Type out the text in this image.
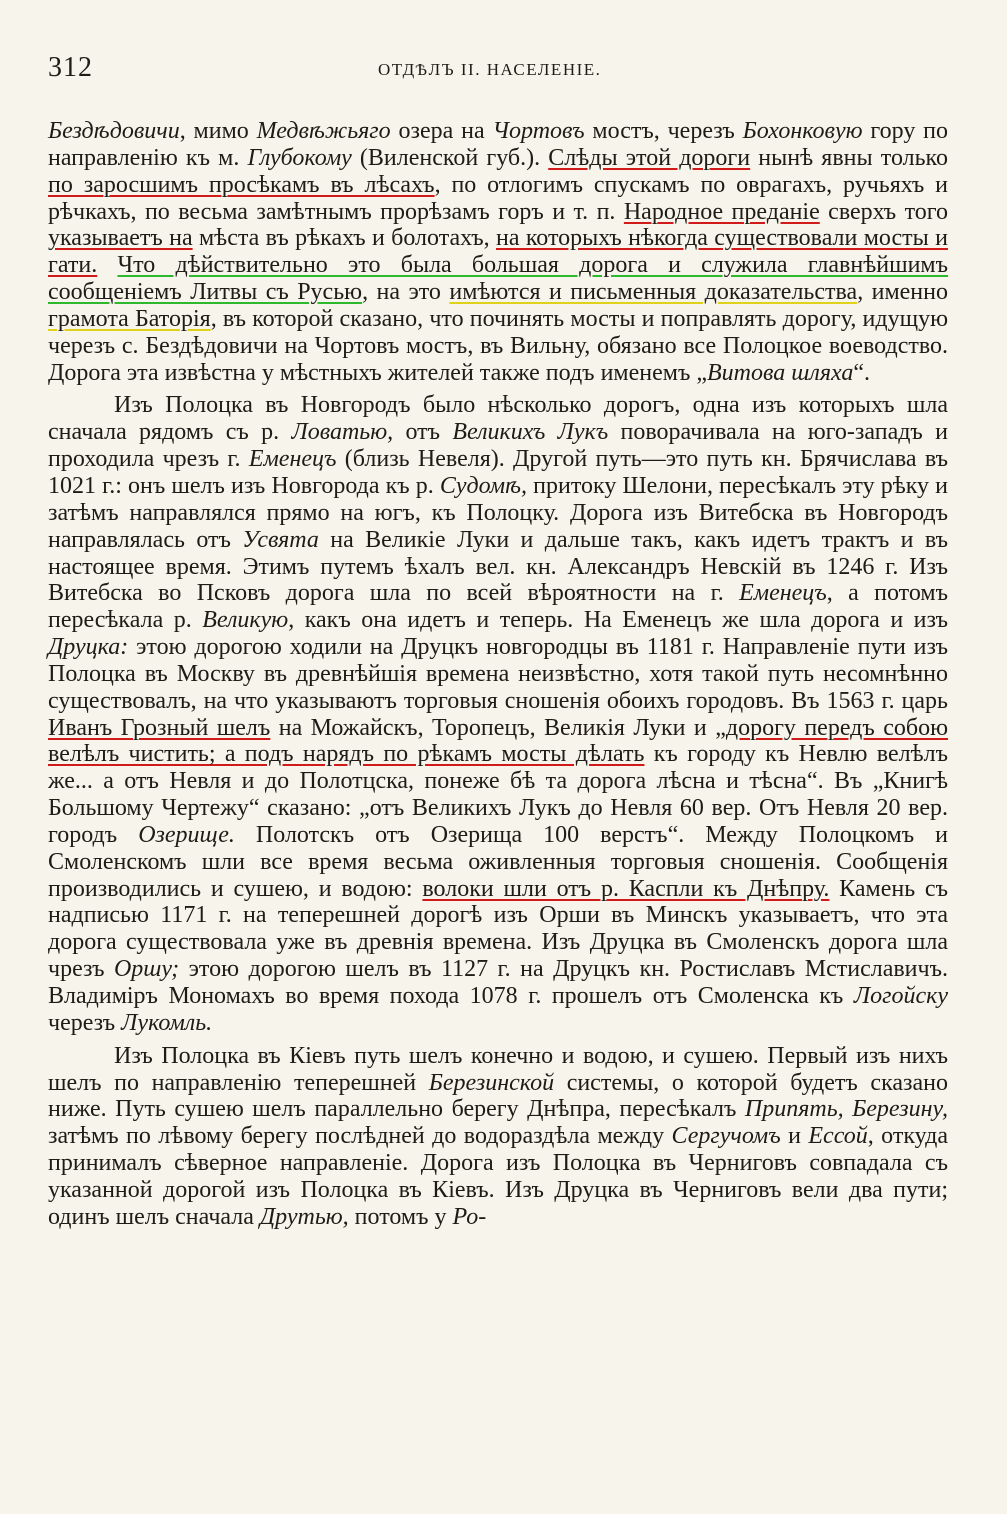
312	ОТДѢЛЪ II. НАСЕЛЕНІЕ.

Бездѣдовичи, мимо Медвѣжьяго озера на Чортовъ мостъ, черезъ Бохонковую гору по направленію къ м. Глубокому (Виленской губ.). Слѣды этой дороги нынѣ явны только по заросшимъ просѣкамъ въ лѣсахъ, по отлогимъ спускамъ по оврагахъ, ручьяхъ и рѣчкахъ, по весьма замѣтнымъ прорѣзамъ горъ и т. п. Народное преданіе сверхъ того указываетъ на мѣста въ рѣкахъ и болотахъ, на которыхъ нѣкогда существовали мосты и гати. Что дѣйствительно это была большая дорога и служила главнѣйшимъ сообщеніемъ Литвы съ Русью, на это имѣются и письменныя доказательства, именно грамота Баторія, въ которой сказано, что починять мосты и поправлять дорогу, идущую черезъ с. Бездѣдовичи на Чортовъ мостъ, въ Вильну, обязано все Полоцкое воеводство. Дорога эта извѣстна у мѣстныхъ жителей также подъ именемъ „Витова шляха“.

Изъ Полоцка въ Новгородъ было нѣсколько дорогъ, одна изъ которыхъ шла сначала рядомъ съ р. Ловатью, отъ Великихъ Лукъ поворачивала на юго-западъ и проходила чрезъ г. Еменецъ (близь Невеля). Другой путь—это путь кн. Брячислава въ 1021 г.: онъ шелъ изъ Новгорода къ р. Судомѣ, притоку Шелони, пересѣкалъ эту рѣку и затѣмъ направлялся прямо на югъ, къ Полоцку. Дорога изъ Витебска въ Новгородъ направлялась отъ Усвята на Великіе Луки и дальше такъ, какъ идетъ трактъ и въ настоящее время. Этимъ путемъ ѣхалъ вел. кн. Александръ Невскій въ 1246 г. Изъ Витебска во Псковъ дорога шла по всей вѣроятности на г. Еменецъ, а потомъ пересѣкала р. Великую, какъ она идетъ и теперь. На Еменецъ же шла дорога и изъ Друцка: этою дорогою ходили на Друцкъ новгородцы въ 1181 г. Направленіе пути изъ Полоцка въ Москву въ древнѣйшія времена неизвѣстно, хотя такой путь несомнѣнно существовалъ, на что указываютъ торговыя сношенія обоихъ городовъ. Въ 1563 г. царь Иванъ Грозный шелъ на Можайскъ, Торопецъ, Великія Луки и „дорогу передъ собою велѣлъ чистить; а подъ нарядъ по рѣкамъ мосты дѣлать къ городу къ Невлю велѣлъ же... а отъ Невля и до Полотцска, понеже бѣ та дорога лѣсна и тѣсна“. Въ „Книгѣ Большому Чертежу“ сказано: „отъ Великихъ Лукъ до Невля 60 вер. Отъ Невля 20 вер. городъ Озерище. Полотскъ отъ Озерища 100 верстъ“. Между Полоцкомъ и Смоленскомъ шли все время весьма оживленныя торговыя сношенія. Сообщенія производились и сушею, и водою: волоки шли отъ р. Каспли къ Днѣпру. Камень съ надписью 1171 г. на теперешней дорогѣ изъ Орши въ Минскъ указываетъ, что эта дорога существовала уже въ древнія времена. Изъ Друцка въ Смоленскъ дорога шла чрезъ Оршу; этою дорогою шелъ въ 1127 г. на Друцкъ кн. Ростиславъ Мстиславичъ. Владиміръ Мономахъ во время похода 1078 г. прошелъ отъ Смоленска къ Логойску черезъ Лукомль.

Изъ Полоцка въ Кіевъ путь шелъ конечно и водою, и сушею. Первый изъ нихъ шелъ по направленію теперешней Березинской системы, о которой будетъ сказано ниже. Путь сушею шелъ параллельно берегу Днѣпра, пересѣкалъ Припять, Березину, затѣмъ по лѣвому берегу послѣдней до водораздѣла между Сергучомъ и Ессой, откуда принималъ сѣверное направленіе. Дорога изъ Полоцка въ Черниговъ совпадала съ указанной дорогой изъ Полоцка въ Кіевъ. Изъ Друцка въ Черниговъ вели два пути; одинъ шелъ сначала Друтью, потомъ у Ро-
